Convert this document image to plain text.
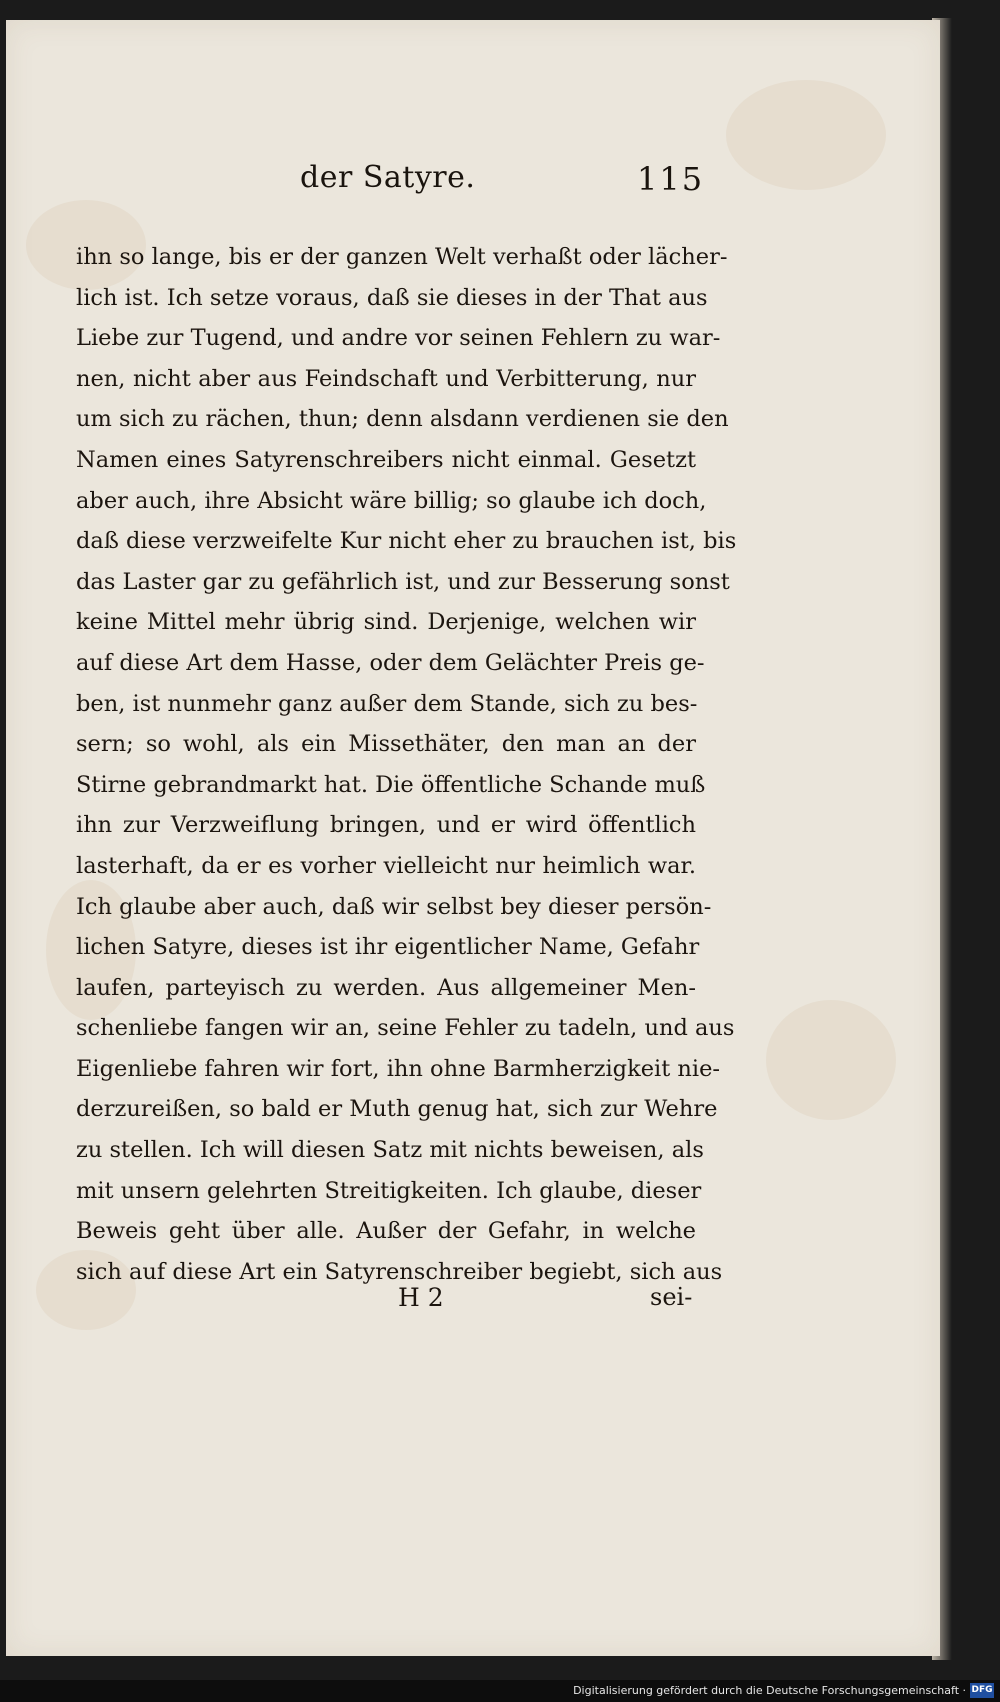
der Satyre.	115
ihn so lange, bis er der ganzen Welt verhaßt oder lächer-
lich ist. Ich setze voraus, daß sie dieses in der That aus
Liebe zur Tugend, und andre vor seinen Fehlern zu war-
nen, nicht aber aus Feindschaft und Verbitterung, nur
um sich zu rächen, thun; denn alsdann verdienen sie den
Namen eines Satyrenschreibers nicht einmal. Gesetzt
aber auch, ihre Absicht wäre billig; so glaube ich doch,
daß diese verzweifelte Kur nicht eher zu brauchen ist, bis
das Laster gar zu gefährlich ist, und zur Besserung sonst
keine Mittel mehr übrig sind. Derjenige, welchen wir
auf diese Art dem Hasse, oder dem Gelächter Preis ge-
ben, ist nunmehr ganz außer dem Stande, sich zu bes-
sern; so wohl, als ein Missethäter, den man an der
Stirne gebrandmarkt hat. Die öffentliche Schande muß
ihn zur Verzweiflung bringen, und er wird öffentlich
lasterhaft, da er es vorher vielleicht nur heimlich war.
Ich glaube aber auch, daß wir selbst bey dieser persön-
lichen Satyre, dieses ist ihr eigentlicher Name, Gefahr
laufen, parteyisch zu werden. Aus allgemeiner Men-
schenliebe fangen wir an, seine Fehler zu tadeln, und aus
Eigenliebe fahren wir fort, ihn ohne Barmherzigkeit nie-
derzureißen, so bald er Muth genug hat, sich zur Wehre
zu stellen. Ich will diesen Satz mit nichts beweisen, als
mit unsern gelehrten Streitigkeiten. Ich glaube, dieser
Beweis geht über alle. Außer der Gefahr, in welche
sich auf diese Art ein Satyrenschreiber begiebt, sich aus
H 2	sei-
Digitalisierung gefördert durch die Deutsche Forschungsgemeinschaft · DFG
